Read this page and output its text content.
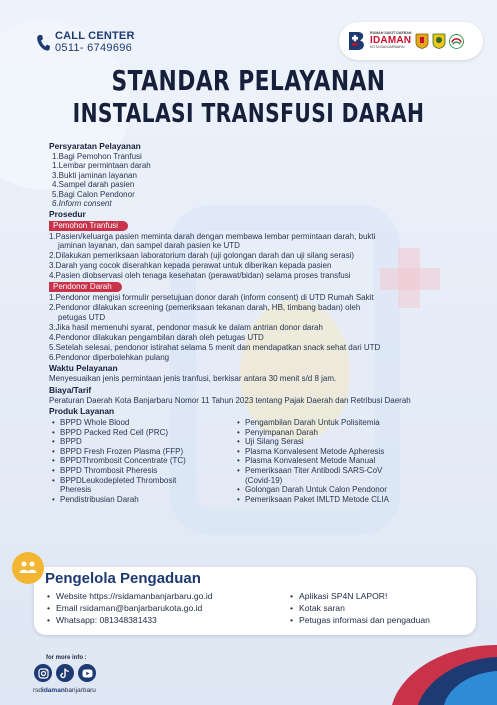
CALL CENTER
0511- 6749696
RUMAH SAKIT DAERAH
IDAMAN
KOTA BANJARBARU
STANDAR PELAYANAN
INSTALASI TRANSFUSI DARAH
Persyaratan Pelayanan
1.Bagi Pemohon Tranfusi
1.Lembar permintaan darah
3.Bukti jaminan layanan
4.Sampel darah pasien
5.Bagi Calon Pendonor
6.Inform consent
Prosedur
Pemohon Tranfusi
1.Pasien/keluarga pasien meminta darah dengan membawa lembar permintaan darah, bukti
jaminan layanan, dan sampel darah pasien ke UTD
2.Dilakukan pemeriksaan laboratorium darah (uji golongan darah dan uji silang serasi)
3.Darah yang cocok diserahkan kepada perawat untuk diberikan kepada pasien
4.Pasien diobservasi oleh tenaga kesehatan (perawat/bidan) selama proses transfusi
Pendonor Darah
1.Pendonor mengisi formulir persetujuan donor darah (inform consent) di UTD Rumah Sakit
2.Pendonor dilakukan screening (pemeriksaan tekanan darah, HB, timbang badan) oleh
petugas UTD
3.Jika hasil memenuhi syarat, pendonor masuk ke dalam antrian donor darah
4.Pendonor dilakukan pengambilan darah oleh petugas UTD
5.Setelah selesai, pendonor istirahat selama 5 menit dan mendapatkan snack sehat dari UTD
6.Pendonor diperbolehkan pulang
Waktu Pelayanan
Menyesuaikan jenis permintaan jenis tranfusi, berkisar antara 30 menit s/d 8 jam.
Biaya/Tarif
Peraturan Daerah Kota Banjarbaru Nomor 11 Tahun 2023 tentang Pajak Daerah dan Retribusi Daerah
Produk Layanan
• BPPD Whole Blood
• BPPD Packed Red Cell (PRC)
• BPPD
• BPPD Fresh Frozen Plasma (FFP)
• BPPDThrombosit Concentrate (TC)
• BPPD Thrombosit Pheresis
• BPPDLeukodepleted Thrombosit Pheresis
• Pendistribusian Darah
• Pengambilan Darah Untuk Polisitemia
• Penyimpanan Darah
• Uji Silang Serasi
• Plasma Konvalesent Metode Apheresis
• Plasma Konvalesent Metode Manual
• Pemeriksaan Titer Antibodi SARS-CoV (Covid-19)
• Golongan Darah Untuk Calon Pendonor
• Pemeriksaan Paket IMLTD Metode CLIA
Pengelola Pengaduan
• Website https://rsidamanbanjarbaru.go.id
• Email rsidaman@banjarbarukota.go.id
• Whatsapp: 081348381433
• Aplikasi SP4N LAPOR!
• Kotak saran
• Petugas informasi dan pengaduan
for more info :
rsdidamanbanjarbaru
